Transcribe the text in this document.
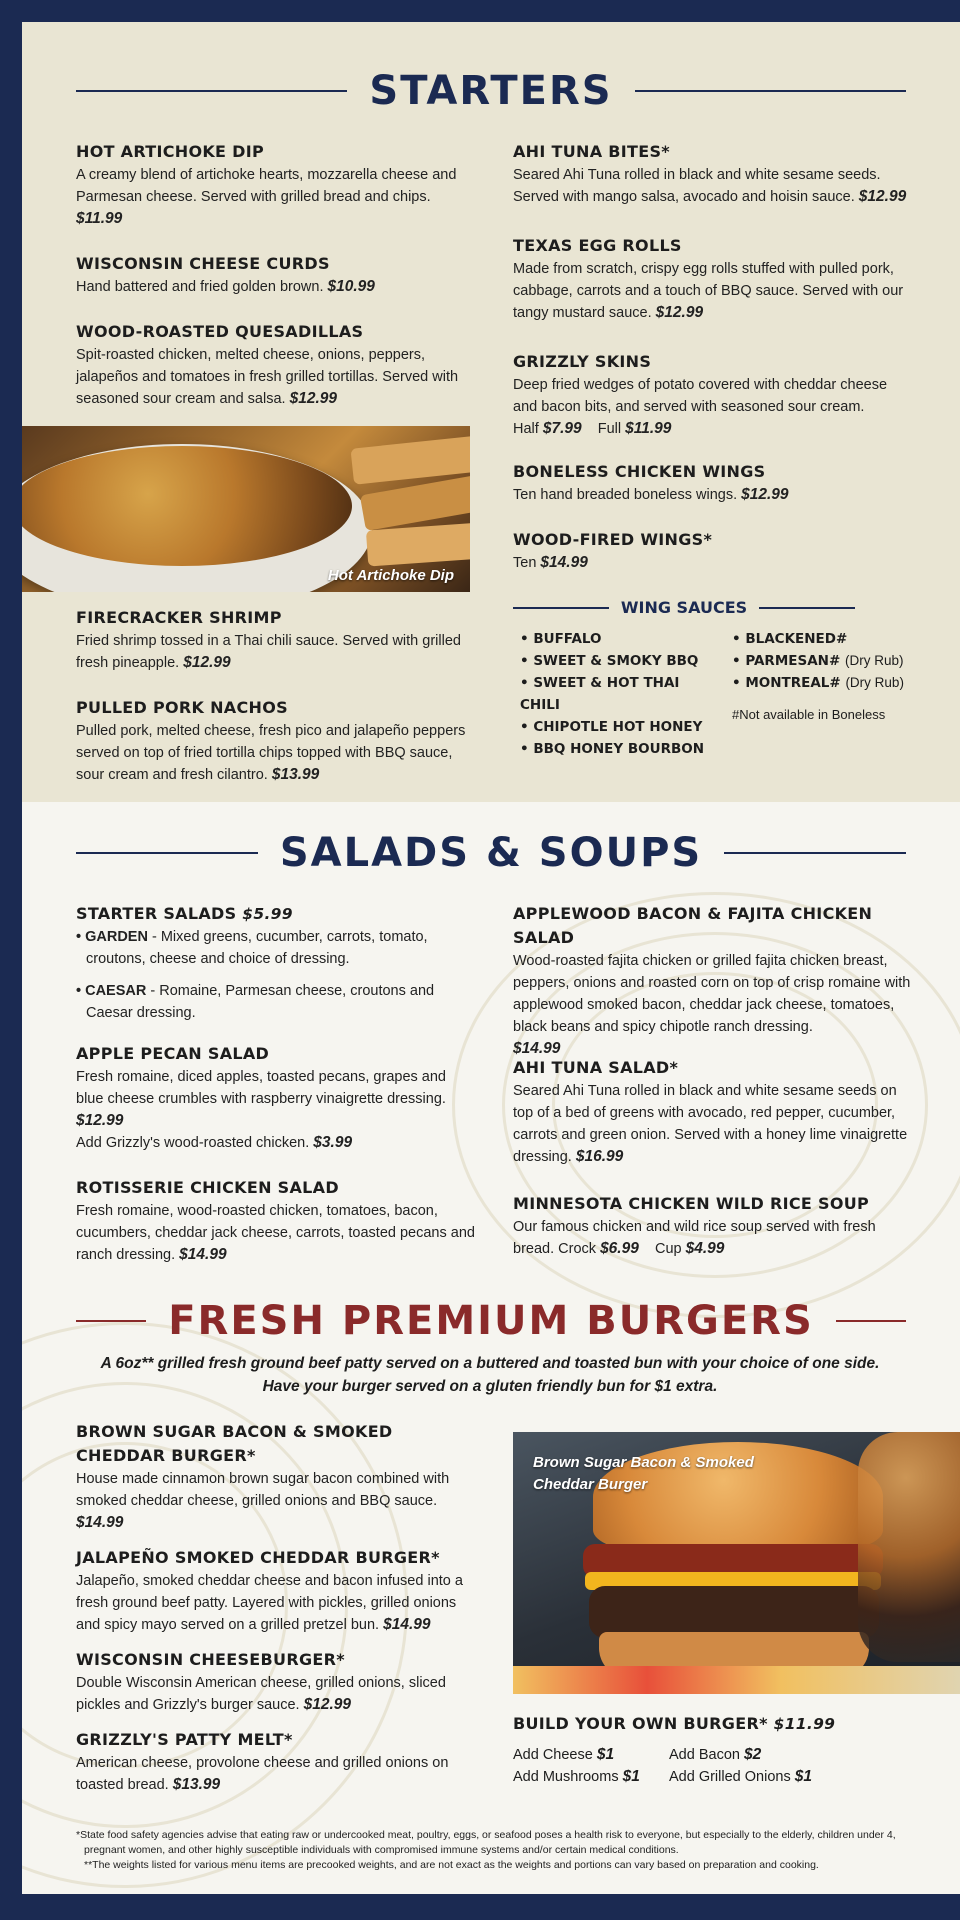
STARTERS
HOT ARTICHOKE DIP
A creamy blend of artichoke hearts, mozzarella cheese and Parmesan cheese. Served with grilled bread and chips.
$11.99
WISCONSIN CHEESE CURDS
Hand battered and fried golden brown. $10.99
WOOD-ROASTED QUESADILLAS
Spit-roasted chicken, melted cheese, onions, peppers, jalapeños and tomatoes in fresh grilled tortillas. Served with seasoned sour cream and salsa. $12.99
Hot Artichoke Dip
FIRECRACKER SHRIMP
Fried shrimp tossed in a Thai chili sauce. Served with grilled fresh pineapple. $12.99
PULLED PORK NACHOS
Pulled pork, melted cheese, fresh pico and jalapeño peppers served on top of fried tortilla chips topped with BBQ sauce, sour cream and fresh cilantro. $13.99
AHI TUNA BITES*
Seared Ahi Tuna rolled in black and white sesame seeds. Served with mango salsa, avocado and hoisin sauce. $12.99
TEXAS EGG ROLLS
Made from scratch, crispy egg rolls stuffed with pulled pork, cabbage, carrots and a touch of BBQ sauce. Served with our tangy mustard sauce. $12.99
GRIZZLY SKINS
Deep fried wedges of potato covered with cheddar cheese and bacon bits, and served with seasoned sour cream.
Half $7.99 Full $11.99
BONELESS CHICKEN WINGS
Ten hand breaded boneless wings. $12.99
WOOD-FIRED WINGS*
Ten $14.99
WING SAUCES
• BUFFALO
• SWEET & SMOKY BBQ
• SWEET & HOT THAI CHILI
• CHIPOTLE HOT HONEY
• BBQ HONEY BOURBON
• BLACKENED#
• PARMESAN# (Dry Rub)
• MONTREAL# (Dry Rub)
#Not available in Boneless
SALADS & SOUPS
STARTER SALADS $5.99
• GARDEN - Mixed greens, cucumber, carrots, tomato, croutons, cheese and choice of dressing.
• CAESAR - Romaine, Parmesan cheese, croutons and Caesar dressing.
APPLE PECAN SALAD
Fresh romaine, diced apples, toasted pecans, grapes and blue cheese crumbles with raspberry vinaigrette dressing.
$12.99
Add Grizzly's wood-roasted chicken. $3.99
ROTISSERIE CHICKEN SALAD
Fresh romaine, wood-roasted chicken, tomatoes, bacon, cucumbers, cheddar jack cheese, carrots, toasted pecans and ranch dressing. $14.99
APPLEWOOD BACON & FAJITA CHICKEN SALAD
Wood-roasted fajita chicken or grilled fajita chicken breast, peppers, onions and roasted corn on top of crisp romaine with applewood smoked bacon, cheddar jack cheese, tomatoes, black beans and spicy chipotle ranch dressing.
$14.99
AHI TUNA SALAD*
Seared Ahi Tuna rolled in black and white sesame seeds on top of a bed of greens with avocado, red pepper, cucumber, carrots and green onion. Served with a honey lime vinaigrette dressing. $16.99
MINNESOTA CHICKEN WILD RICE SOUP
Our famous chicken and wild rice soup served with fresh bread. Crock $6.99 Cup $4.99
FRESH PREMIUM BURGERS
A 6oz** grilled fresh ground beef patty served on a buttered and toasted bun with your choice of one side. Have your burger served on a gluten friendly bun for $1 extra.
BROWN SUGAR BACON & SMOKED CHEDDAR BURGER*
House made cinnamon brown sugar bacon combined with smoked cheddar cheese, grilled onions and BBQ sauce.
$14.99
JALAPEÑO SMOKED CHEDDAR BURGER*
Jalapeño, smoked cheddar cheese and bacon infused into a fresh ground beef patty. Layered with pickles, grilled onions and spicy mayo served on a grilled pretzel bun. $14.99
WISCONSIN CHEESEBURGER*
Double Wisconsin American cheese, grilled onions, sliced pickles and Grizzly's burger sauce. $12.99
GRIZZLY'S PATTY MELT*
American cheese, provolone cheese and grilled onions on toasted bread. $13.99
Brown Sugar Bacon & Smoked Cheddar Burger
BUILD YOUR OWN BURGER* $11.99
Add Cheese $1	Add Bacon $2
Add Mushrooms $1	Add Grilled Onions $1
*State food safety agencies advise that eating raw or undercooked meat, poultry, eggs, or seafood poses a health risk to everyone, but especially to the elderly, children under 4, pregnant women, and other highly susceptible individuals with compromised immune systems and/or certain medical conditions.
**The weights listed for various menu items are precooked weights, and are not exact as the weights and portions can vary based on preparation and cooking.
